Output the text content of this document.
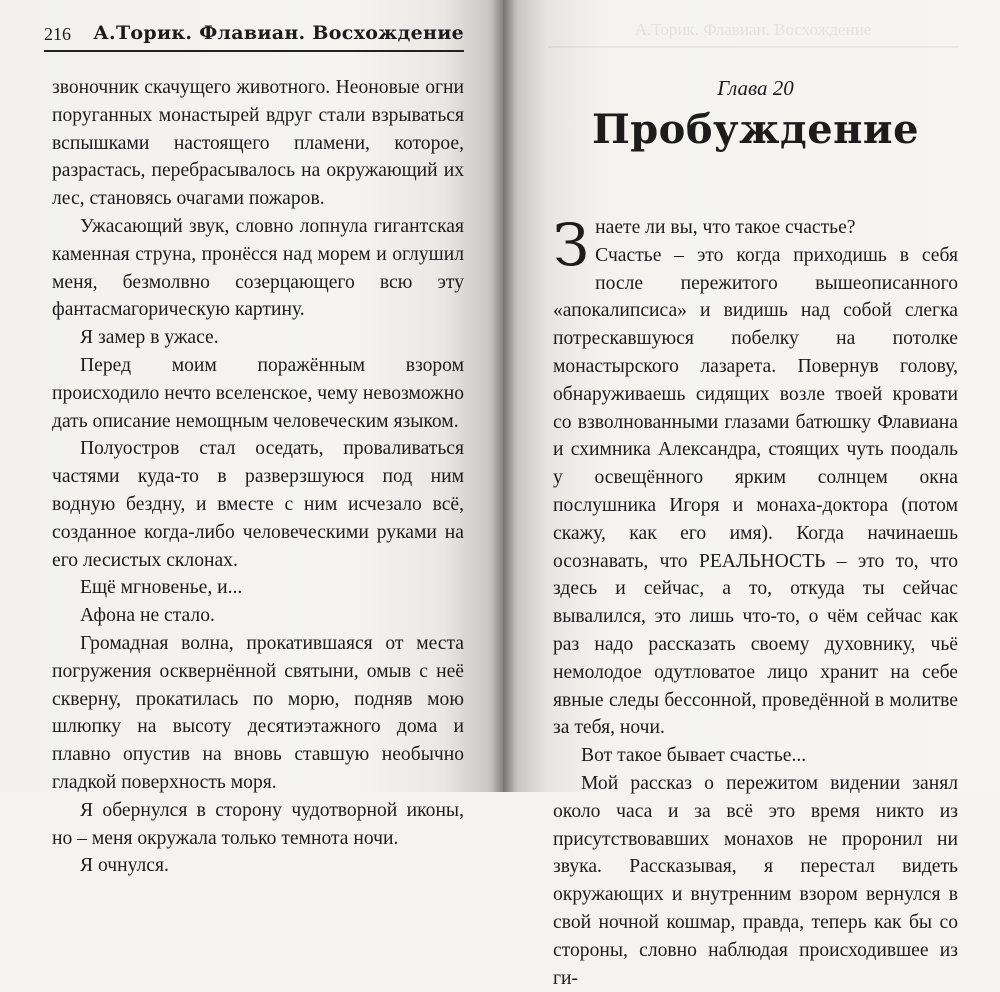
216 А.Торик. Флавиан. Восхождение

звоночник скачущего животного. Неоновые огни поруганных монастырей вдруг стали взрываться вспышками настоящего пламени, которое, разрастась, перебрасывалось на окружающий их лес, становясь очагами пожаров.

Ужасающий звук, словно лопнула гигантская каменная струна, пронёсся над морем и оглушил меня, безмолвно созерцающего всю эту фантасмагорическую картину.

Я замер в ужасе.

Перед моим поражённым взором происходило нечто вселенское, чему невозможно дать описание немощным человеческим языком.

Полуостров стал оседать, проваливаться частями куда-то в разверзшуюся под ним водную бездну, и вместе с ним исчезало всё, созданное когда-либо человеческими руками на его лесистых склонах.

Ещё мгновенье, и...

Афона не стало.

Громадная волна, прокатившаяся от места погружения осквернённой святыни, омыв с неё скверну, прокатилась по морю, подняв мою шлюпку на высоту десятиэтажного дома и плавно опустив на вновь ставшую необычно гладкой поверхность моря.

Я обернулся в сторону чудотворной иконы, но – меня окружала только темнота ночи.

Я очнулся.

А.Торик. Флавиан. Восхождение
Глава 20
Пробуждение
З наете ли вы, что такое счастье?

Счастье – это когда приходишь в себя после пережитого вышеописанного «апокалипсиса» и видишь над собой слегка потрескавшуюся побелку на потолке монастырского лазарета. Повернув голову, обнаруживаешь сидящих возле твоей кровати со взволнованными глазами батюшку Флавиана и схимника Александра, стоящих чуть поодаль у освещённого ярким солнцем окна послушника Игоря и монаха-доктора (потом скажу, как его имя). Когда начинаешь осознавать, что РЕАЛЬНОСТЬ – это то, что здесь и сейчас, а то, откуда ты сейчас вывалился, это лишь что-то, о чём сейчас как раз надо рассказать своему духовнику, чьё немолодое одутловатое лицо хранит на себе явные следы бессонной, проведённой в молитве за тебя, ночи.

Вот такое бывает счастье...

Мой рассказ о пережитом видении занял около часа и за всё это время никто из присутствовавших монахов не проронил ни звука. Рассказывая, я перестал видеть окружающих и внутренним взором вернулся в свой ночной кошмар, правда, теперь как бы со стороны, словно наблюдая происходившее из ги-
